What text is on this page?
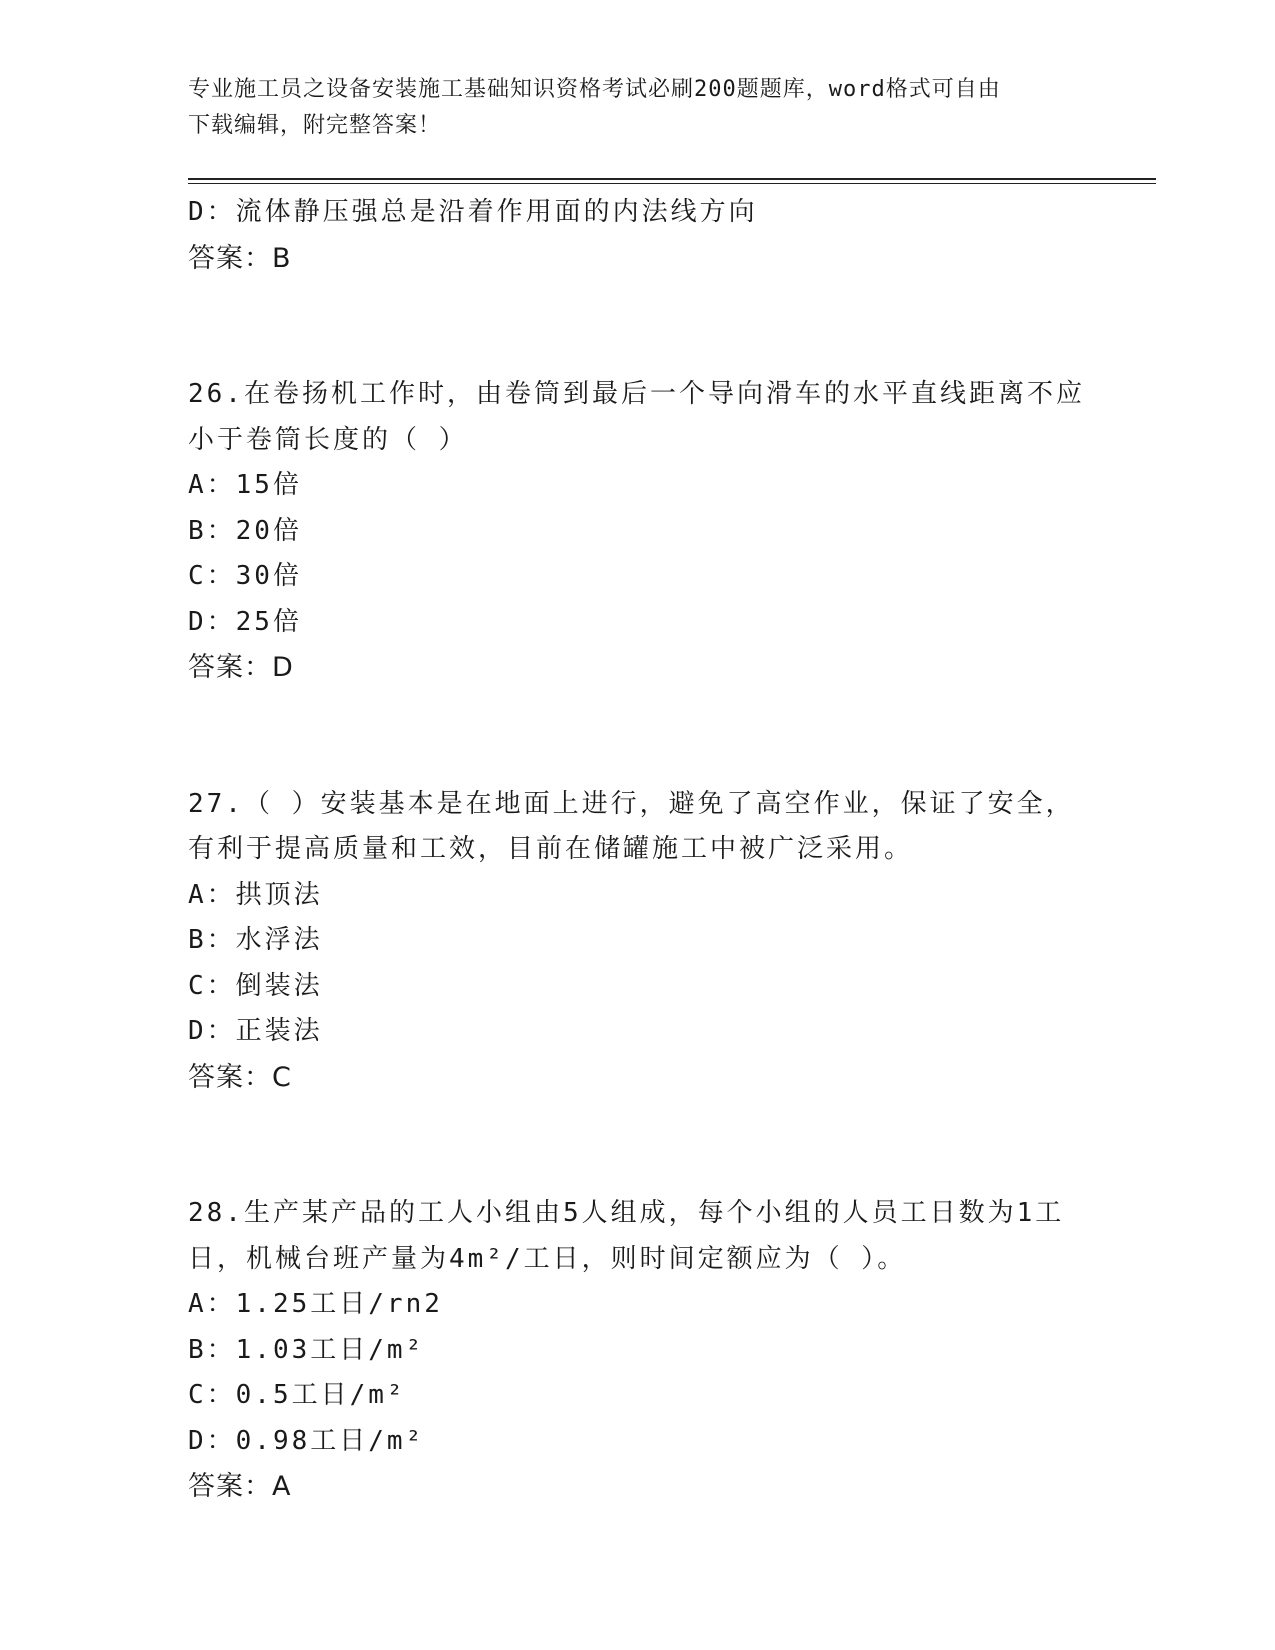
专业施工员之设备安装施工基础知识资格考试必刷200题题库，word格式可自由
下载编辑，附完整答案！
D：流体静压强总是沿着作用面的内法线方向
答案：B
26.在卷扬机工作时，由卷筒到最后一个导向滑车的水平直线距离不应
小于卷筒长度的（ ）
A：15倍
B：20倍
C：30倍
D：25倍
答案：D
27.（ ）安装基本是在地面上进行，避免了高空作业，保证了安全，
有利于提高质量和工效，目前在储罐施工中被广泛采用。
A：拱顶法
B：水浮法
C：倒装法
D：正装法
答案：C
28.生产某产品的工人小组由5人组成，每个小组的人员工日数为1工
日，机械台班产量为4m²/工日，则时间定额应为（ ）。
A：1.25工日/rn2
B：1.03工日/m²
C：0.5工日/m²
D：0.98工日/m²
答案：A
